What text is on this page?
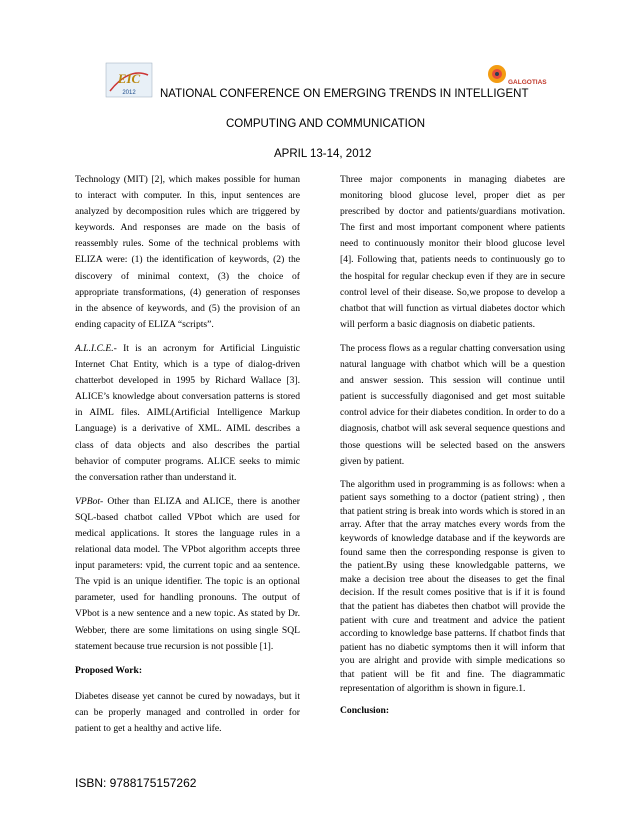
EIC
2012 NATIONAL CONFERENCE ON EMERGING TRENDS IN INTELLIGENT
GALGOTIAS
COMPUTING AND COMMUNICATION
APRIL 13-14, 2012

Technology (MIT) [2], which makes possible for human to interact with computer. In this, input sentences are analyzed by decomposition rules which are triggered by keywords. And responses are made on the basis of reassembly rules. Some of the technical problems with ELIZA were: (1) the identification of keywords, (2) the discovery of minimal context, (3) the choice of appropriate transformations, (4) generation of responses in the absence of keywords, and (5) the provision of an ending capacity of ELIZA “scripts”.

A.L.I.C.E.- It is an acronym for Artificial Linguistic Internet Chat Entity, which is a type of dialog-driven chatterbot developed in 1995 by Richard Wallace [3]. ALICE’s knowledge about conversation patterns is stored in AIML files. AIML(Artificial Intelligence Markup Language) is a derivative of XML. AIML describes a class of data objects and also describes the partial behavior of computer programs. ALICE seeks to mimic the conversation rather than understand it.

VPBot- Other than ELIZA and ALICE, there is another SQL-based chatbot called VPbot which are used for medical applications. It stores the language rules in a relational data model. The VPbot algorithm accepts three input parameters: vpid, the current topic and aa sentence. The vpid is an unique identifier. The topic is an optional parameter, used for handling pronouns. The output of VPbot is a new sentence and a new topic. As stated by Dr. Webber, there are some limitations on using single SQL statement because true recursion is not possible [1].

Proposed Work:

Diabetes disease yet cannot be cured by nowadays, but it can be properly managed and controlled in order for patient to get a healthy and active life.

Three major components in managing diabetes are monitoring blood glucose level, proper diet as per prescribed by doctor and patients/guardians motivation. The first and most important component where patients need to continuously monitor their blood glucose level [4]. Following that, patients needs to continuously go to the hospital for regular checkup even if they are in secure control level of their disease. So,we propose to develop a chatbot that will function as virtual diabetes doctor which will perform a basic diagnosis on diabetic patients.

The process flows as a regular chatting conversation using natural language with chatbot which will be a question and answer session. This session will continue until patient is successfully diagonised and get most suitable control advice for their diabetes condition. In order to do a diagnosis, chatbot will ask several sequence questions and those questions will be selected based on the answers given by patient.

The algorithm used in programming is as follows: when a patient says something to a doctor (patient string) , then that patient string is break into words which is stored in an array. After that the array matches every words from the keywords of knowledge database and if the keywords are found same then the corresponding response is given to the patient.By using these knowledgable patterns, we make a decision tree about the diseases to get the final decision. If the result comes positive that is if it is found that the patient has diabetes then chatbot will provide the patient with cure and treatment and advice the patient according to knowledge base patterns. If chatbot finds that patient has no diabetic symptoms then it will inform that you are alright and provide with simple medications so that patient will be fit and fine. The diagrammatic representation of algorithm is shown in figure.1.

Conclusion:

ISBN: 9788175157262
